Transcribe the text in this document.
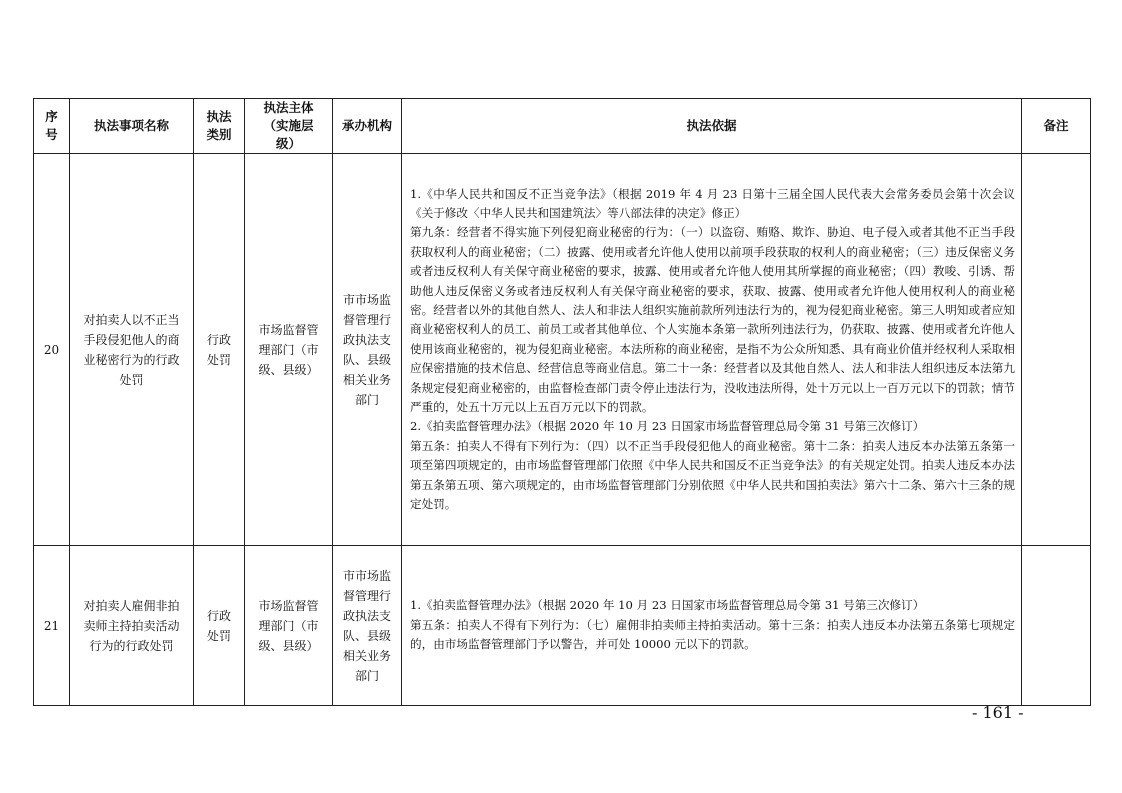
序号	执法事项名称	执法类别	执法主体（实施层级）	承办机构	执法依据	备注
20	对拍卖人以不正当手段侵犯他人的商业秘密行为的行政处罚	行政处罚	市场监督管理部门（市级、县级）	市市场监督管理行政执法支队、县级相关业务部门	1.《中华人民共和国反不正当竞争法》（根据 2019 年 4 月 23 日第十三届全国人民代表大会常务委员会第十次会议《关于修改〈中华人民共和国建筑法〉等八部法律的决定》修正）
第九条：经营者不得实施下列侵犯商业秘密的行为：（一）以盗窃、贿赂、欺诈、胁迫、电子侵入或者其他不正当手段获取权利人的商业秘密；（二）披露、使用或者允许他人使用以前项手段获取的权利人的商业秘密；（三）违反保密义务或者违反权利人有关保守商业秘密的要求，披露、使用或者允许他人使用其所掌握的商业秘密；（四）教唆、引诱、帮助他人违反保密义务或者违反权利人有关保守商业秘密的要求，获取、披露、使用或者允许他人使用权利人的商业秘密。经营者以外的其他自然人、法人和非法人组织实施前款所列违法行为的，视为侵犯商业秘密。第三人明知或者应知商业秘密权利人的员工、前员工或者其他单位、个人实施本条第一款所列违法行为，仍获取、披露、使用或者允许他人使用该商业秘密的，视为侵犯商业秘密。本法所称的商业秘密，是指不为公众所知悉、具有商业价值并经权利人采取相应保密措施的技术信息、经营信息等商业信息。第二十一条：经营者以及其他自然人、法人和非法人组织违反本法第九条规定侵犯商业秘密的，由监督检查部门责令停止违法行为，没收违法所得，处十万元以上一百万元以下的罚款；情节严重的，处五十万元以上五百万元以下的罚款。
2.《拍卖监督管理办法》（根据 2020 年 10 月 23 日国家市场监督管理总局令第 31 号第三次修订）
第五条：拍卖人不得有下列行为：（四）以不正当手段侵犯他人的商业秘密。第十二条：拍卖人违反本办法第五条第一项至第四项规定的，由市场监督管理部门依照《中华人民共和国反不正当竞争法》的有关规定处罚。拍卖人违反本办法第五条第五项、第六项规定的，由市场监督管理部门分别依照《中华人民共和国拍卖法》第六十二条、第六十三条的规定处罚。	

21	对拍卖人雇佣非拍卖师主持拍卖活动行为的行政处罚	行政处罚	市场监督管理部门（市级、县级）	市市场监督管理行政执法支队、县级相关业务部门	1.《拍卖监督管理办法》（根据 2020 年 10 月 23 日国家市场监督管理总局令第 31 号第三次修订）
第五条：拍卖人不得有下列行为：（七）雇佣非拍卖师主持拍卖活动。第十三条：拍卖人违反本办法第五条第七项规定的，由市场监督管理部门予以警告，并可处 10000 元以下的罚款。	

- 161 -
